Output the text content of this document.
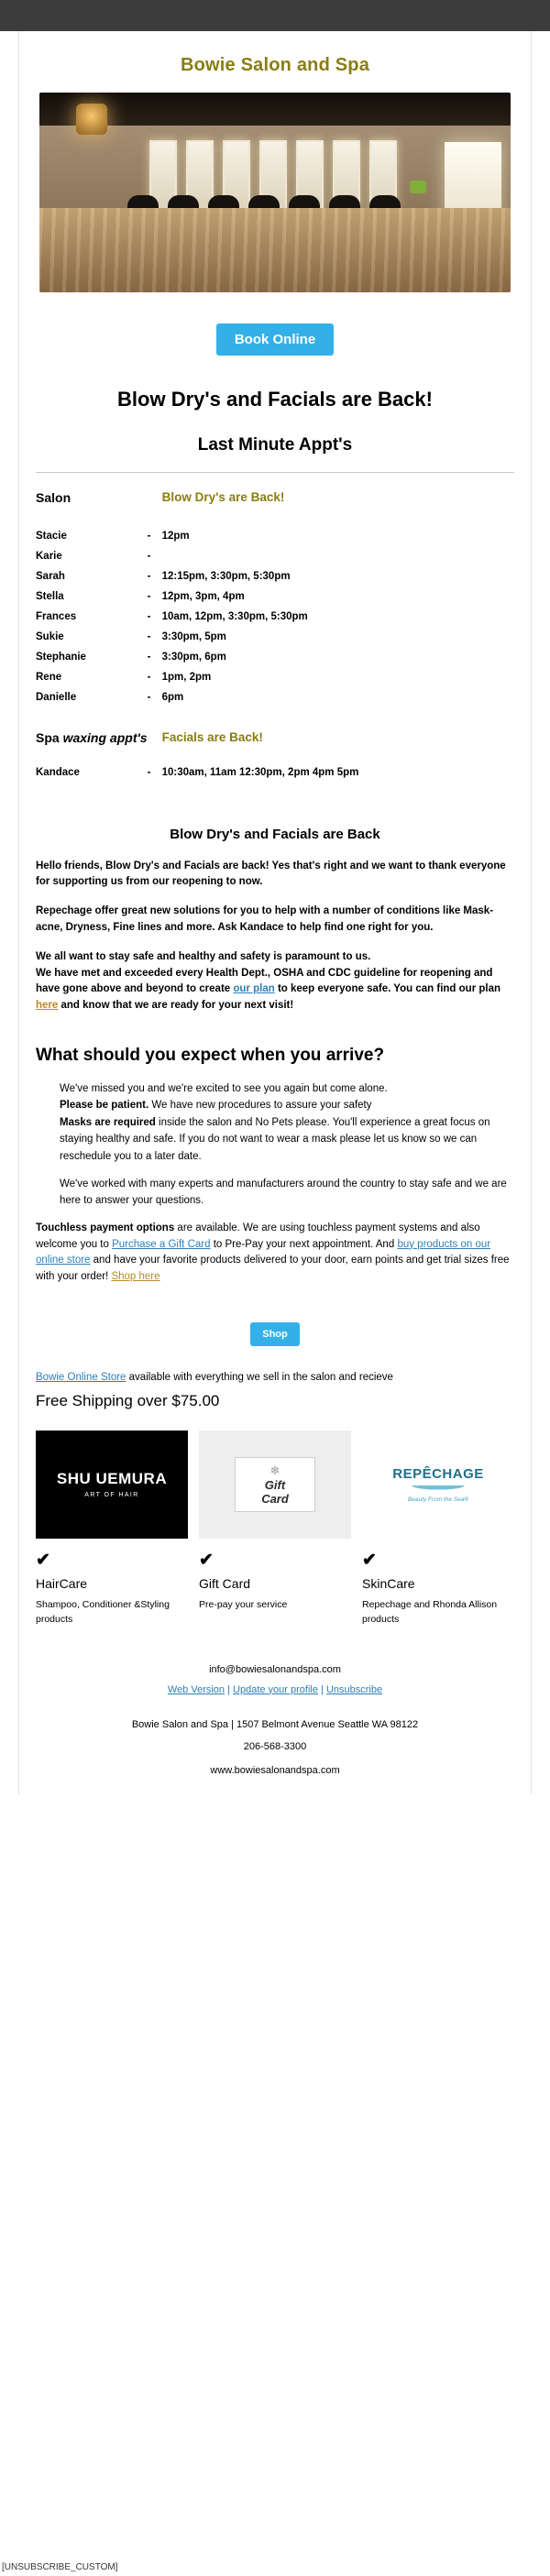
Bowie Salon and Spa
Book Online
Blow Dry's and Facials are Back!
Last Minute Appt's
Salon		Blow Dry's are Back!

Stacie	-	12pm
Karie	-	
Sarah	-	12:15pm, 3:30pm, 5:30pm
Stella	-	12pm, 3pm, 4pm
Frances	-	10am, 12pm, 3:30pm, 5:30pm
Sukie	-	3:30pm, 5pm
Stephanie	-	3:30pm, 6pm
Rene	-	1pm, 2pm
Danielle	-	6pm

Spa waxing appt's		Facials are Back!

Kandace	-	10:30am, 11am 12:30pm, 2pm 4pm 5pm
Blow Dry's and Facials are Back

Hello friends, Blow Dry's and Facials are back! Yes that's right and we want to thank everyone for supporting us from our reopening to now.

Repechage offer great new solutions for you to help with a number of conditions like Mask-acne, Dryness, Fine lines and more. Ask Kandace to help find one right for you.

We all want to stay safe and healthy and safety is paramount to us.
We have met and exceeded every Health Dept., OSHA and CDC guideline for reopening and have gone above and beyond to create our plan to keep everyone safe. You can find our plan here and know that we are ready for your next visit!

What should you expect when you arrive?

We've missed you and we're excited to see you again but come alone.
Please be patient. We have new procedures to assure your safety
Masks are required inside the salon and No Pets please. You'll experience a great focus on staying healthy and safe. If you do not want to wear a mask please let us know so we can reschedule you to a later date.

We've worked with many experts and manufacturers around the country to stay safe and we are here to answer your questions.

Touchless payment options are available. We are using touchless payment systems and also welcome you to Purchase a Gift Card to Pre-Pay your next appointment. And buy products on our online store and have your favorite products delivered to your door, earn points and get trial sizes free with your order! Shop here

Shop

Bowie Online Store available with everything we sell in the salon and recieve

Free Shipping over $75.00
SHU UEMURA
ART OF HAIR
✔
HairCare

Shampoo, Conditioner &Styling products

❄
Gift
Card
✔
Gift Card

Pre-pay your service

REPÊCHAGE
Beauty From the Sea®
✔
SkinCare

Repechage and Rhonda Allison products

info@bowiesalonandspa.com
Web Version | Update your profile | Unsubscribe
Bowie Salon and Spa | 1507 Belmont Avenue Seattle WA 98122
206-568-3300
www.bowiesalonandspa.com
[UNSUBSCRIBE_CUSTOM]
